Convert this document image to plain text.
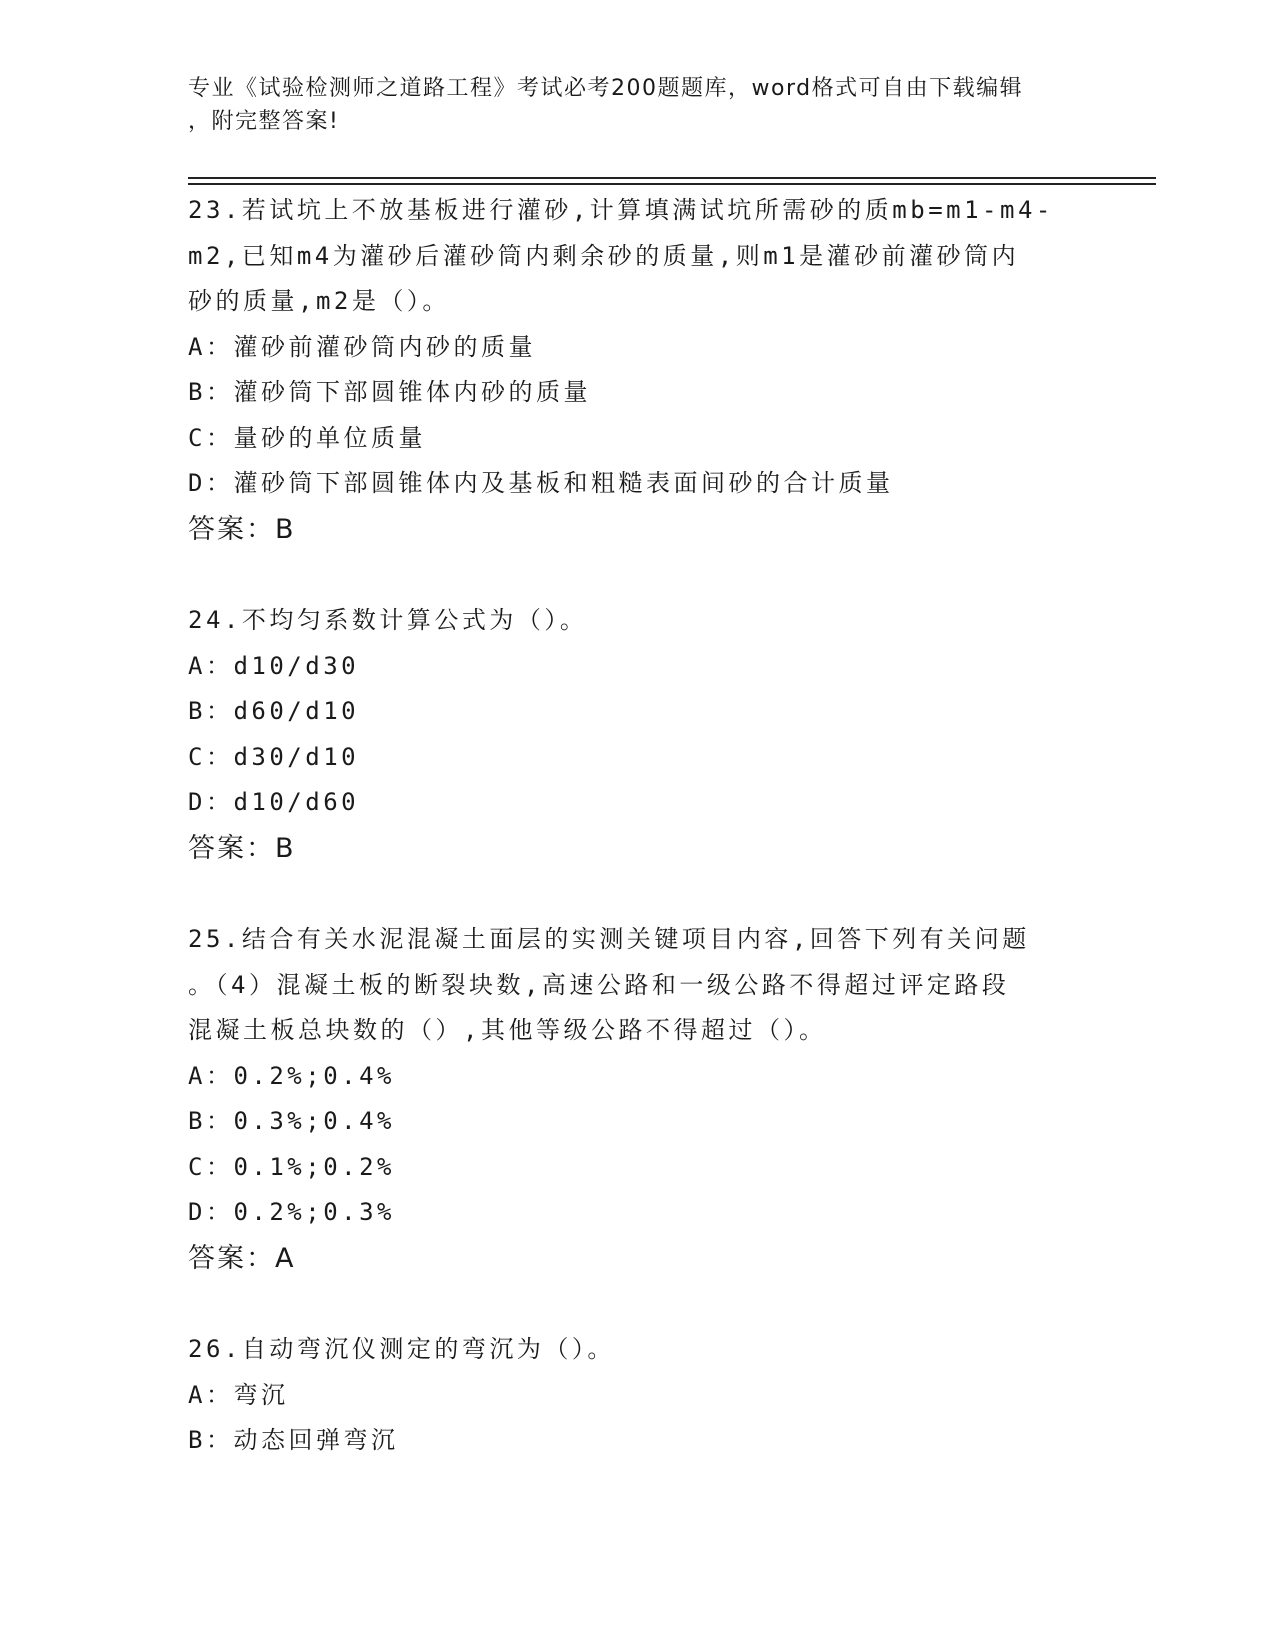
专业《试验检测师之道路工程》考试必考200题题库，word格式可自由下载编辑
，附完整答案!
23.若试坑上不放基板进行灌砂,计算填满试坑所需砂的质mb=m1-m4-
m2,已知m4为灌砂后灌砂筒内剩余砂的质量,则m1是灌砂前灌砂筒内
砂的质量,m2是（）。
A：灌砂前灌砂筒内砂的质量
B：灌砂筒下部圆锥体内砂的质量
C：量砂的单位质量
D：灌砂筒下部圆锥体内及基板和粗糙表面间砂的合计质量
答案：B
24.不均匀系数计算公式为（）。
A：d10/d30
B：d60/d10
C：d30/d10
D：d10/d60
答案：B
25.结合有关水泥混凝土面层的实测关键项目内容,回答下列有关问题
。（4）混凝土板的断裂块数,高速公路和一级公路不得超过评定路段
混凝土板总块数的（）,其他等级公路不得超过（）。
A：0.2%;0.4%
B：0.3%;0.4%
C：0.1%;0.2%
D：0.2%;0.3%
答案：A
26.自动弯沉仪测定的弯沉为（）。
A：弯沉
B：动态回弹弯沉
